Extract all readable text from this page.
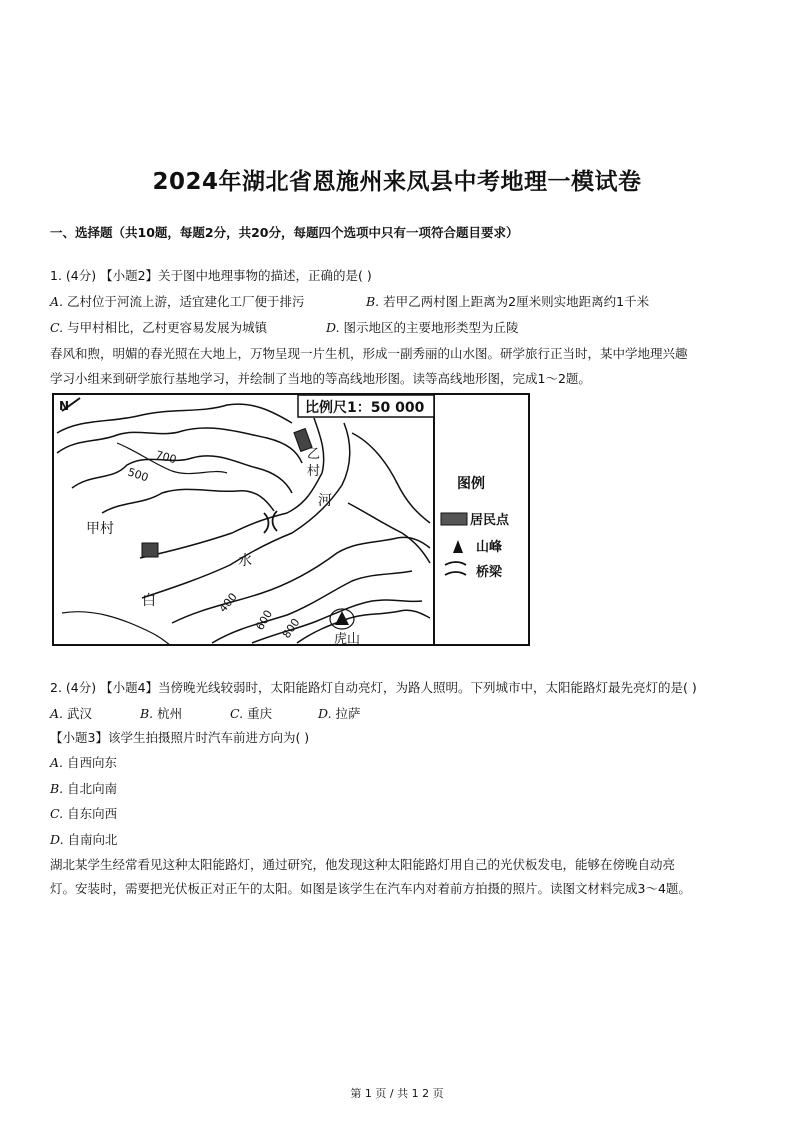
2024年湖北省恩施州来凤县中考地理一模试卷
一、选择题（共10题，每题2分，共20分，每题四个选项中只有一项符合题目要求）
1. (4分) 【小题2】关于图中地理事物的描述，正确的是( )
A. 乙村位于河流上游，适宜建化工厂便于排污	B. 若甲乙两村图上距离为2厘米则实地距离约1千米
C. 与甲村相比，乙村更容易发展为城镇	D. 图示地区的主要地形类型为丘陵
春风和煦，明媚的春光照在大地上，万物呈现一片生机，形成一副秀丽的山水图。研学旅行正当时，某中学地理兴趣
学习小组来到研学旅行基地学习，并绘制了当地的等高线地形图。读等高线地形图，完成1～2题。
比例尺1：50 000
N
甲村
乙
村
河
水
白
虎山
700
500
400
600 800
图例
居民点
山峰
桥梁
2. (4分) 【小题4】当傍晚光线较弱时，太阳能路灯自动亮灯，为路人照明。下列城市中，太阳能路灯最先亮灯的是( )
A. 武汉	B. 杭州	C. 重庆	D. 拉萨
【小题3】该学生拍摄照片时汽车前进方向为( )
A. 自西向东
B. 自北向南
C. 自东向西
D. 自南向北
湖北某学生经常看见这种太阳能路灯，通过研究，他发现这种太阳能路灯用自己的光伏板发电，能够在傍晚自动亮
灯。安装时，需要把光伏板正对正午的太阳。如图是该学生在汽车内对着前方拍摄的照片。读图文材料完成3～4题。
第 1 页 / 共 1 2 页
